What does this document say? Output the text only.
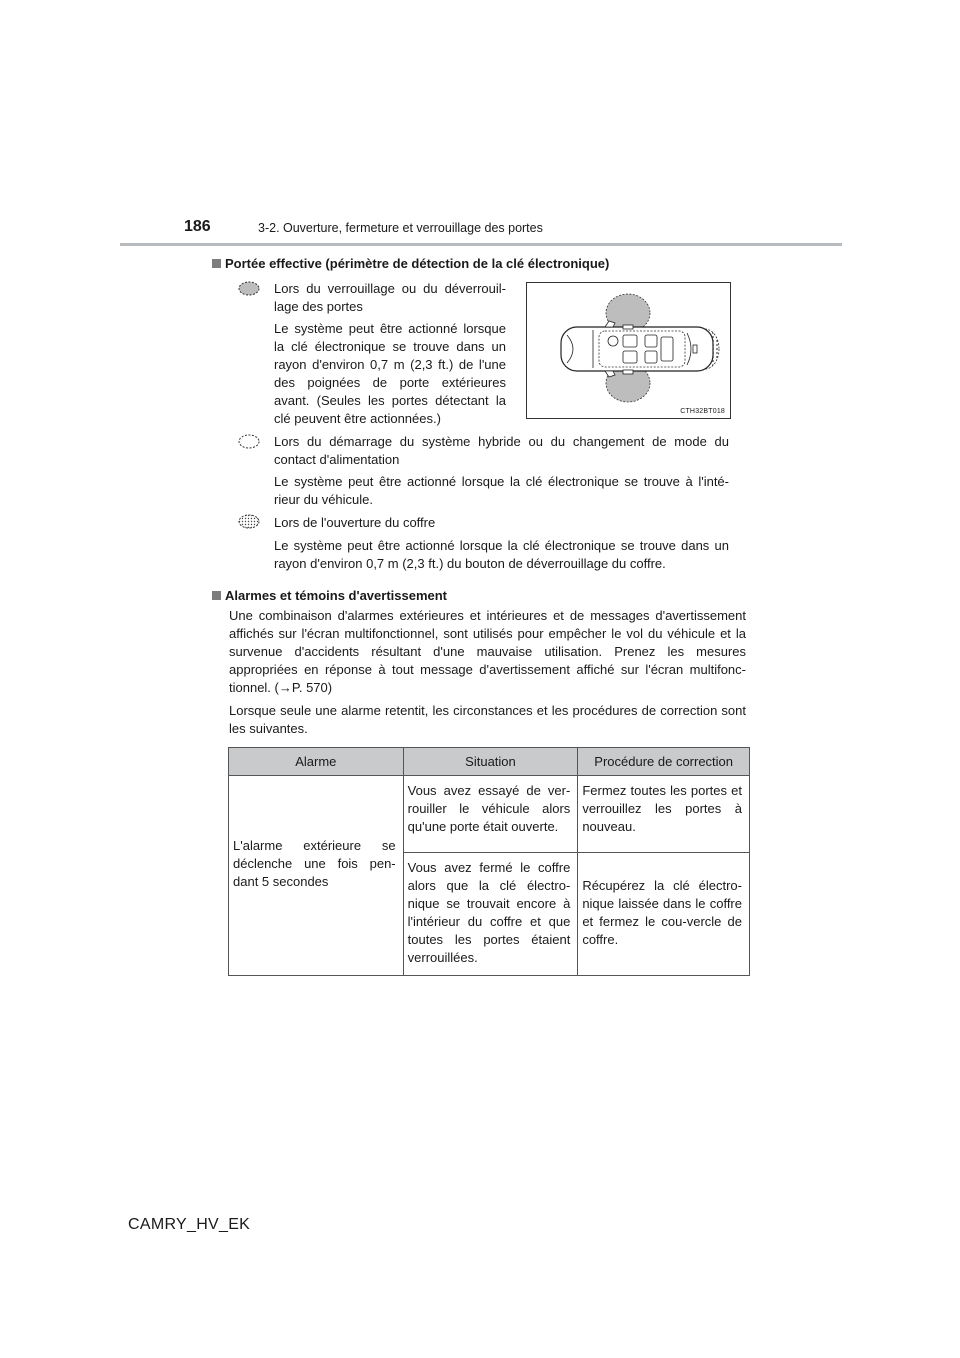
186	3-2. Ouverture, fermeture et verrouillage des portes
Portée effective (périmètre de détection de la clé électronique)

Lors du verrouillage ou du déverrouil-lage des portes

Le système peut être actionné lorsque la clé électronique se trouve dans un rayon d'environ 0,7 m (2,3 ft.) de l'une des poignées de porte extérieures avant. (Seules les portes détectant la clé peuvent être actionnées.)	CTH32BT018

Lors du démarrage du système hybride ou du changement de mode du contact d'alimentation

Le système peut être actionné lorsque la clé électronique se trouve à l'inté-rieur du véhicule.

Lors de l'ouverture du coffre

Le système peut être actionné lorsque la clé électronique se trouve dans un rayon d'environ 0,7 m (2,3 ft.) du bouton de déverrouillage du coffre.

Alarmes et témoins d'avertissement

Une combinaison d'alarmes extérieures et intérieures et de messages d'avertissement affichés sur l'écran multifonctionnel, sont utilisés pour empêcher le vol du véhicule et la survenue d'accidents résultant d'une mauvaise utilisation. Prenez les mesures appropriées en réponse à tout message d'avertissement affiché sur l'écran multifonc-tionnel. (→P. 570)

Lorsque seule une alarme retentit, les circonstances et les procédures de correction sont les suivantes.

Alarme	Situation	Procédure de correction
L'alarme extérieure se déclenche une fois pen-dant 5 secondes	Vous avez essayé de ver-rouiller le véhicule alors qu'une porte était ouverte.	Fermez toutes les portes et verrouillez les portes à nouveau.
	Vous avez fermé le coffre alors que la clé électro-nique se trouvait encore à l'intérieur du coffre et que toutes les portes étaient verrouillées.	Récupérez la clé électro-nique laissée dans le coffre et fermez le cou-vercle de coffre.
CAMRY_HV_EK
